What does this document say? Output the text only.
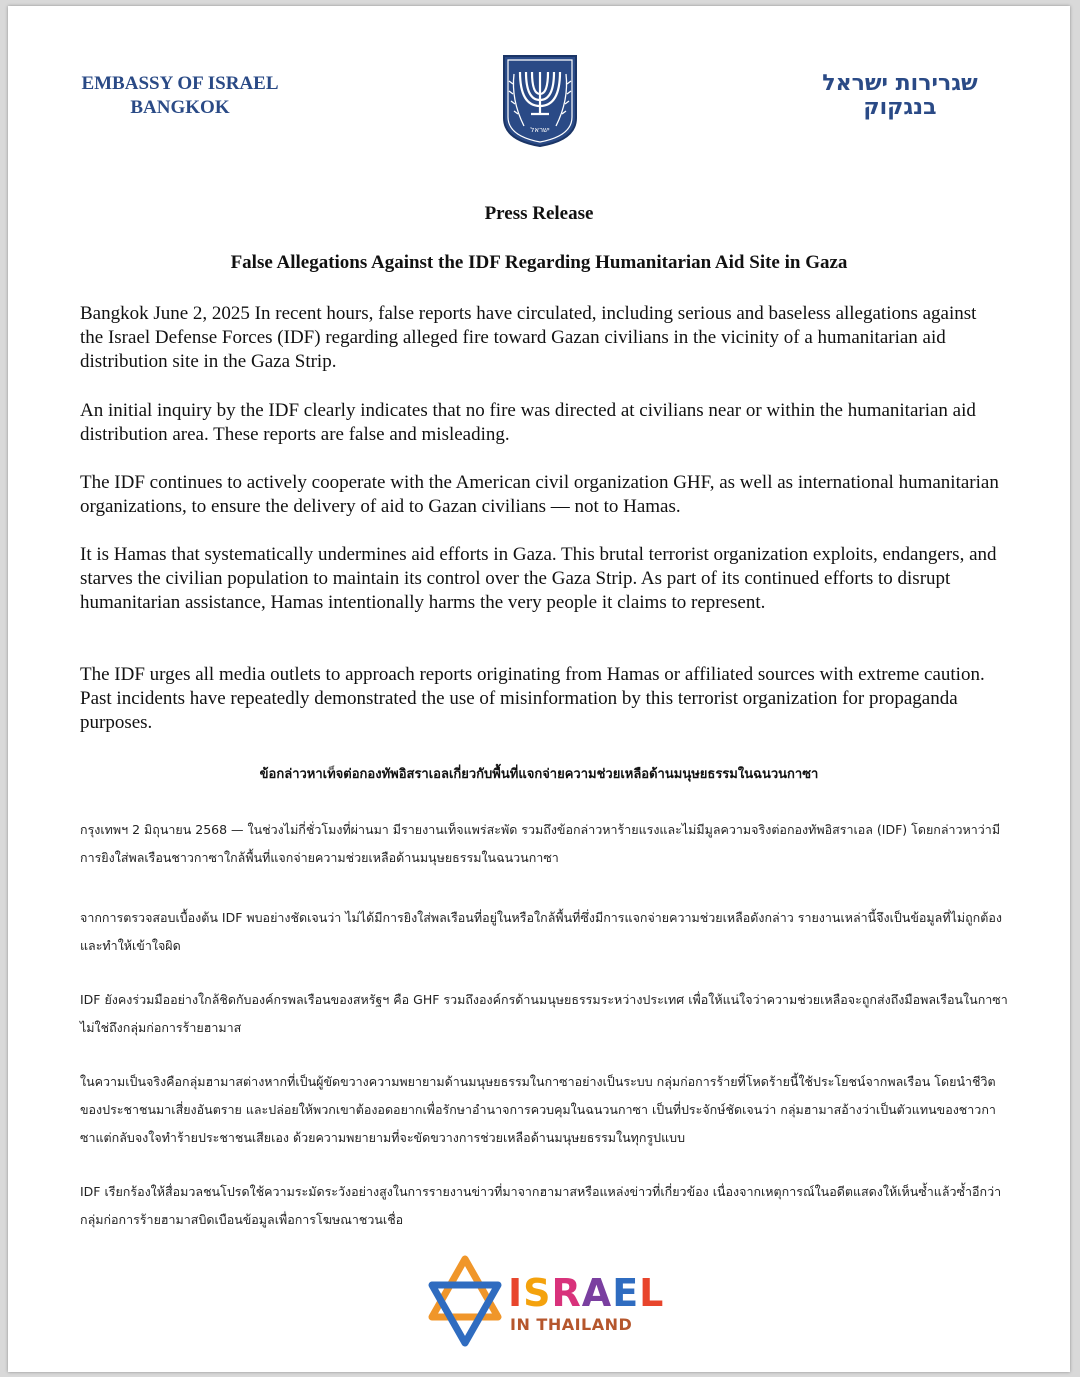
EMBASSY OF ISRAEL
BANGKOK
ישראל
שגרירות ישראל
בנגקוק
Press Release
False Allegations Against the IDF Regarding Humanitarian Aid Site in Gaza

Bangkok June 2, 2025 In recent hours, false reports have circulated, including serious and baseless allegations against the Israel Defense Forces (IDF) regarding alleged fire toward Gazan civilians in the vicinity of a humanitarian aid distribution site in the Gaza Strip.

An initial inquiry by the IDF clearly indicates that no fire was directed at civilians near or within the humanitarian aid distribution area. These reports are false and misleading.

The IDF continues to actively cooperate with the American civil organization GHF, as well as international humanitarian organizations, to ensure the delivery of aid to Gazan civilians — not to Hamas.

It is Hamas that systematically undermines aid efforts in Gaza. This brutal terrorist organization exploits, endangers, and starves the civilian population to maintain its control over the Gaza Strip. As part of its continued efforts to disrupt humanitarian assistance, Hamas intentionally harms the very people it claims to represent.

The IDF urges all media outlets to approach reports originating from Hamas or affiliated sources with extreme caution. Past incidents have repeatedly demonstrated the use of misinformation by this terrorist organization for propaganda purposes.

ข้อกล่าวหาเท็จต่อกองทัพอิสราเอลเกี่ยวกับพื้นที่แจกจ่ายความช่วยเหลือด้านมนุษยธรรมในฉนวนกาซา

กรุงเทพฯ 2 มิถุนายน 2568 — ในช่วงไม่กี่ชั่วโมงที่ผ่านมา มีรายงานเท็จแพร่สะพัด รวมถึงข้อกล่าวหาร้ายแรงและไม่มีมูลความจริงต่อกองทัพอิสราเอล (IDF) โดยกล่าวหาว่ามีการยิงใส่พลเรือนชาวกาซาใกล้พื้นที่แจกจ่ายความช่วยเหลือด้านมนุษยธรรมในฉนวนกาซา

จากการตรวจสอบเบื้องต้น IDF พบอย่างชัดเจนว่า ไม่ได้มีการยิงใส่พลเรือนที่อยู่ในหรือใกล้พื้นที่ซึ่งมีการแจกจ่ายความช่วยเหลือดังกล่าว รายงานเหล่านี้จึงเป็นข้อมูลที่ไม่ถูกต้องและทำให้เข้าใจผิด

IDF ยังคงร่วมมืออย่างใกล้ชิดกับองค์กรพลเรือนของสหรัฐฯ คือ GHF รวมถึงองค์กรด้านมนุษยธรรมระหว่างประเทศ เพื่อให้แน่ใจว่าความช่วยเหลือจะถูกส่งถึงมือพลเรือนในกาซา ไม่ใช่ถึงกลุ่มก่อการร้ายฮามาส

ในความเป็นจริงคือกลุ่มฮามาสต่างหากที่เป็นผู้ขัดขวางความพยายามด้านมนุษยธรรมในกาซาอย่างเป็นระบบ กลุ่มก่อการร้ายที่โหดร้ายนี้ใช้ประโยชน์จากพลเรือน โดยนำชีวิตของประชาชนมาเสี่ยงอันตราย และปล่อยให้พวกเขาต้องอดอยากเพื่อรักษาอำนาจการควบคุมในฉนวนกาซา เป็นที่ประจักษ์ชัดเจนว่า กลุ่มฮามาสอ้างว่าเป็นตัวแทนของชาวกาซาแต่กลับจงใจทำร้ายประชาชนเสียเอง ด้วยความพยายามที่จะขัดขวางการช่วยเหลือด้านมนุษยธรรมในทุกรูปแบบ

IDF เรียกร้องให้สื่อมวลชนโปรดใช้ความระมัดระวังอย่างสูงในการรายงานข่าวที่มาจากฮามาสหรือแหล่งข่าวที่เกี่ยวข้อง เนื่องจากเหตุการณ์ในอดีตแสดงให้เห็นซ้ำแล้วซ้ำอีกว่า กลุ่มก่อการร้ายฮามาสบิดเบือนข้อมูลเพื่อการโฆษณาชวนเชื่อ

ISRAEL
IN THAILAND
